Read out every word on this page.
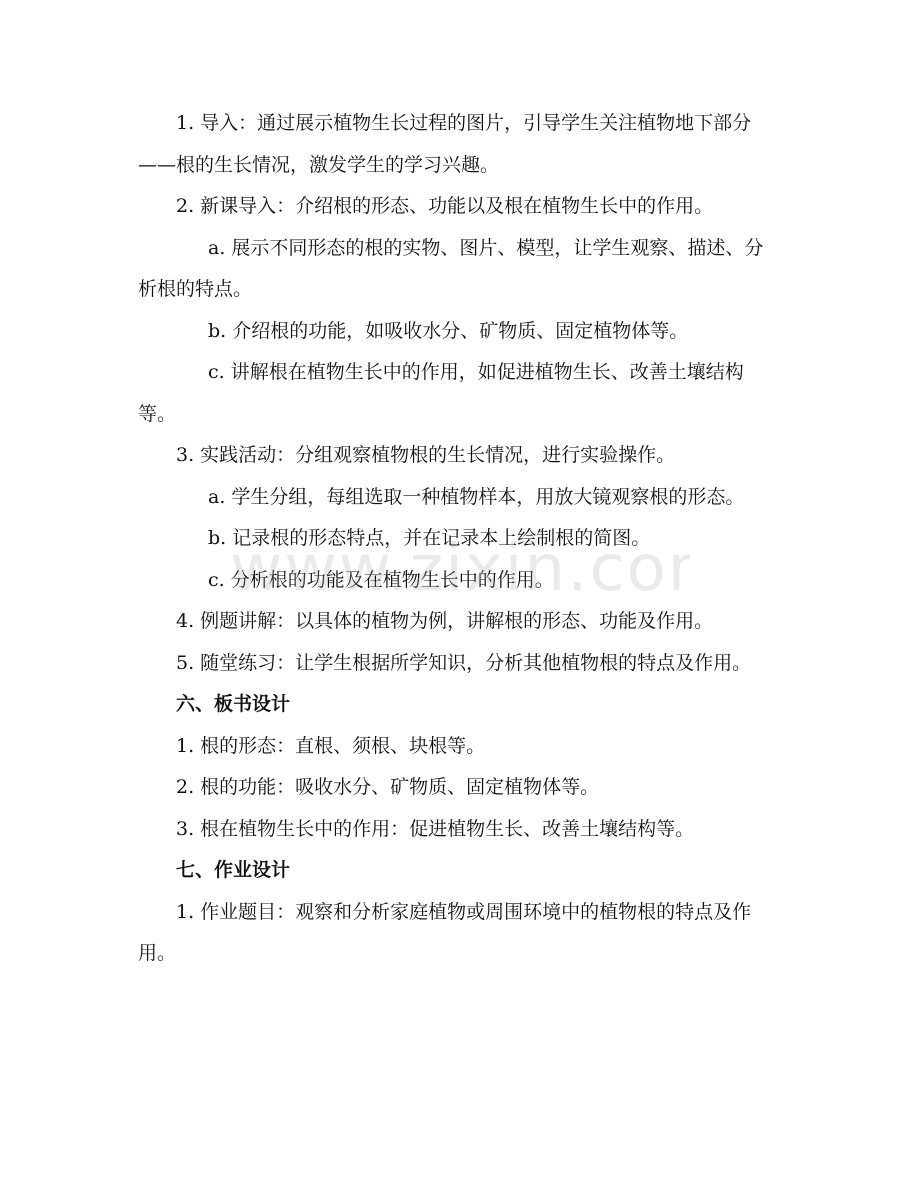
1. 导入：通过展示植物生长过程的图片，引导学生关注植物地下部分——根的生长情况，激发学生的学习兴趣。

2. 新课导入：介绍根的形态、功能以及根在植物生长中的作用。

a. 展示不同形态的根的实物、图片、模型，让学生观察、描述、分析根的特点。

b. 介绍根的功能，如吸收水分、矿物质、固定植物体等。

c. 讲解根在植物生长中的作用，如促进植物生长、改善土壤结构等。

3. 实践活动：分组观察植物根的生长情况，进行实验操作。

a. 学生分组，每组选取一种植物样本，用放大镜观察根的形态。

b. 记录根的形态特点，并在记录本上绘制根的简图。

c. 分析根的功能及在植物生长中的作用。

4. 例题讲解：以具体的植物为例，讲解根的形态、功能及作用。

5. 随堂练习：让学生根据所学知识，分析其他植物根的特点及作用。

六、板书设计

1. 根的形态：直根、须根、块根等。

2. 根的功能：吸收水分、矿物质、固定植物体等。

3. 根在植物生长中的作用：促进植物生长、改善土壤结构等。

七、作业设计

1. 作业题目：观察和分析家庭植物或周围环境中的植物根的特点及作用。

www.zixin.co
